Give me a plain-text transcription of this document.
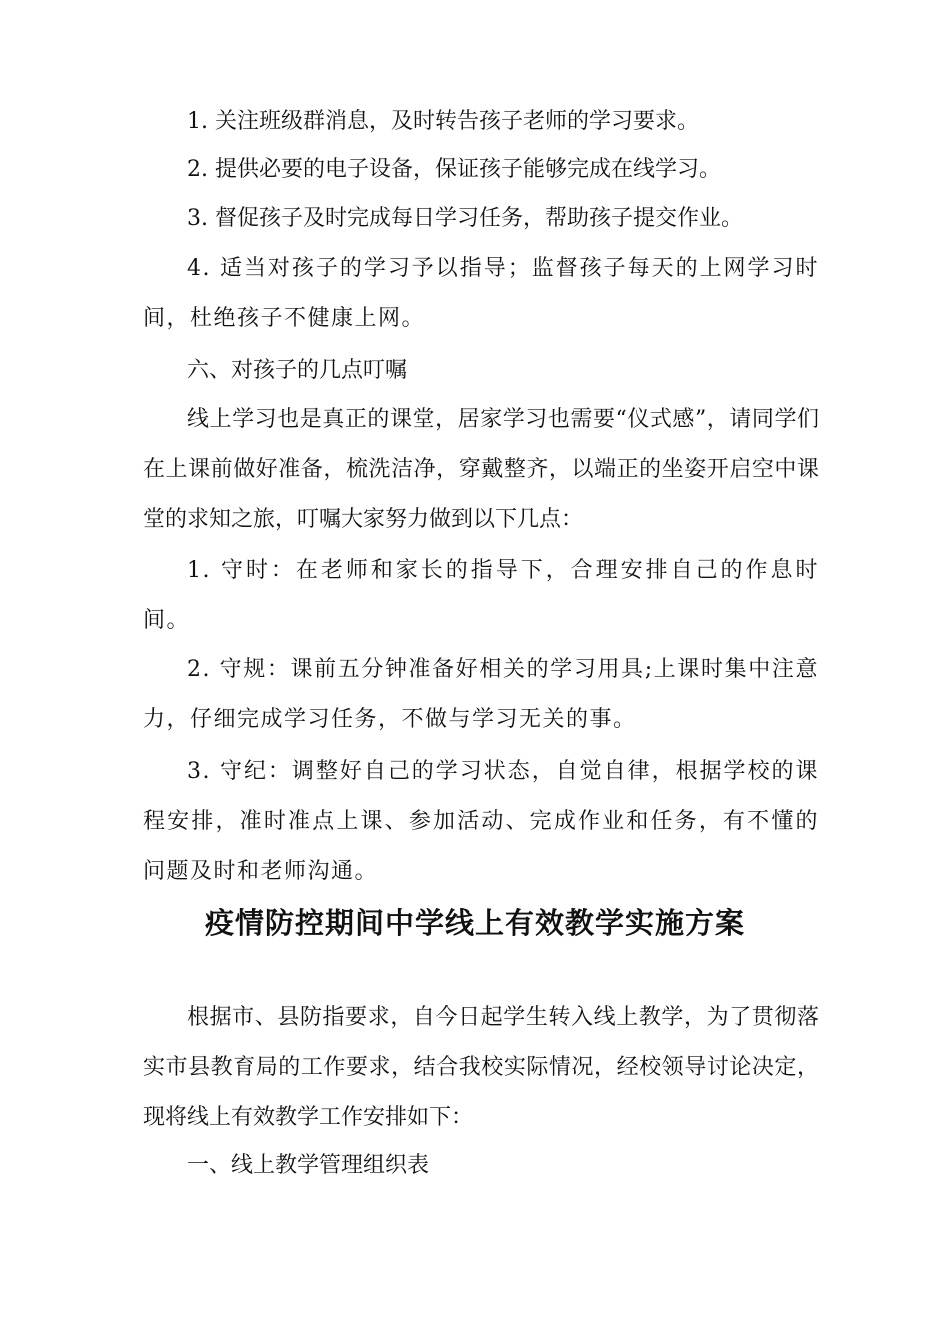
1. 关注班级群消息，及时转告孩子老师的学习要求。

2. 提供必要的电子设备，保证孩子能够完成在线学习。

3. 督促孩子及时完成每日学习任务，帮助孩子提交作业。

4. 适当对孩子的学习予以指导；监督孩子每天的上网学习时间，杜绝孩子不健康上网。

六、对孩子的几点叮嘱

线上学习也是真正的课堂，居家学习也需要“仪式感”，请同学们在上课前做好准备，梳洗洁净，穿戴整齐，以端正的坐姿开启空中课堂的求知之旅，叮嘱大家努力做到以下几点：

1. 守时：在老师和家长的指导下，合理安排自己的作息时间。

2. 守规：课前五分钟准备好相关的学习用具;上课时集中注意力，仔细完成学习任务，不做与学习无关的事。

3. 守纪：调整好自己的学习状态，自觉自律，根据学校的课程安排，准时准点上课、参加活动、完成作业和任务，有不懂的问题及时和老师沟通。

疫情防控期间中学线上有效教学实施方案

根据市、县防指要求，自今日起学生转入线上教学，为了贯彻落 实市县教育局的工作要求，结合我校实际情况，经校领导讨论决定， 现将线上有效教学工作安排如下：

一、线上教学管理组织表
